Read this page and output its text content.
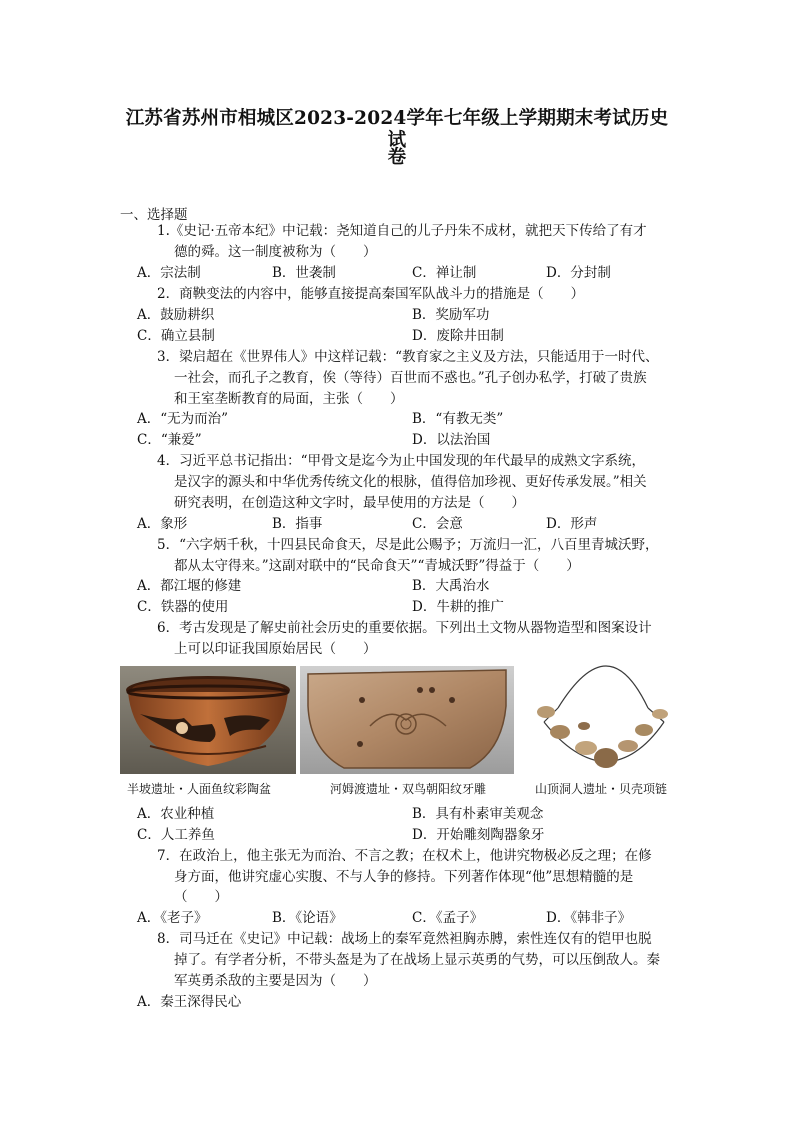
江苏省苏州市相城区2023-2024学年七年级上学期期末考试历史试
卷
一、选择题
1.《史记·五帝本纪》中记载：尧知道自己的儿子丹朱不成材，就把天下传给了有才
德的舜。这一制度被称为（　　）
A．宗法制	B．世袭制	C．禅让制	D．分封制
2．商鞅变法的内容中，能够直接提高秦国军队战斗力的措施是（　　）
A．鼓励耕织	B．奖励军功
C．确立县制	D．废除井田制
3．梁启超在《世界伟人》中这样记载：“教育家之主义及方法，只能适用于一时代、
一社会，而孔子之教育，俟（等待）百世而不惑也。”孔子创办私学，打破了贵族
和王室垄断教育的局面，主张（　　）
A．“无为而治”	B．“有教无类”
C．“兼爱”	D．以法治国
4．习近平总书记指出：“甲骨文是迄今为止中国发现的年代最早的成熟文字系统，
是汉字的源头和中华优秀传统文化的根脉，值得倍加珍视、更好传承发展。”相关
研究表明，在创造这种文字时，最早使用的方法是（　　）
A．象形	B．指事	C．会意	D．形声
5．“六字炳千秋，十四县民命食天，尽是此公赐予；万流归一汇，八百里青城沃野，
都从太守得来。”这副对联中的“民命食天”“青城沃野”得益于（　　）
A．都江堰的修建	B．大禹治水
C．铁器的使用	D．牛耕的推广
6．考古发现是了解史前社会历史的重要依据。下列出土文物从器物造型和图案设计
上可以印证我国原始居民（　　）
半坡遗址・人面鱼纹彩陶盆	河姆渡遗址・双鸟朝阳纹牙雕	山顶洞人遗址・贝壳项链
A．农业种植	B．具有朴素审美观念
C．人工养鱼	D．开始雕刻陶器象牙
7．在政治上，他主张无为而治、不言之教；在权术上，他讲究物极必反之理；在修
身方面，他讲究虚心实腹、不与人争的修持。下列著作体现“他”思想精髓的是
（　　）
A．《老子》	B．《论语》	C．《孟子》	D．《韩非子》
8．司马迁在《史记》中记载：战场上的秦军竟然袒胸赤膊，索性连仅有的铠甲也脱
掉了。有学者分析，不带头盔是为了在战场上显示英勇的气势，可以压倒敌人。秦
军英勇杀敌的主要是因为（　　）
A．秦王深得民心
